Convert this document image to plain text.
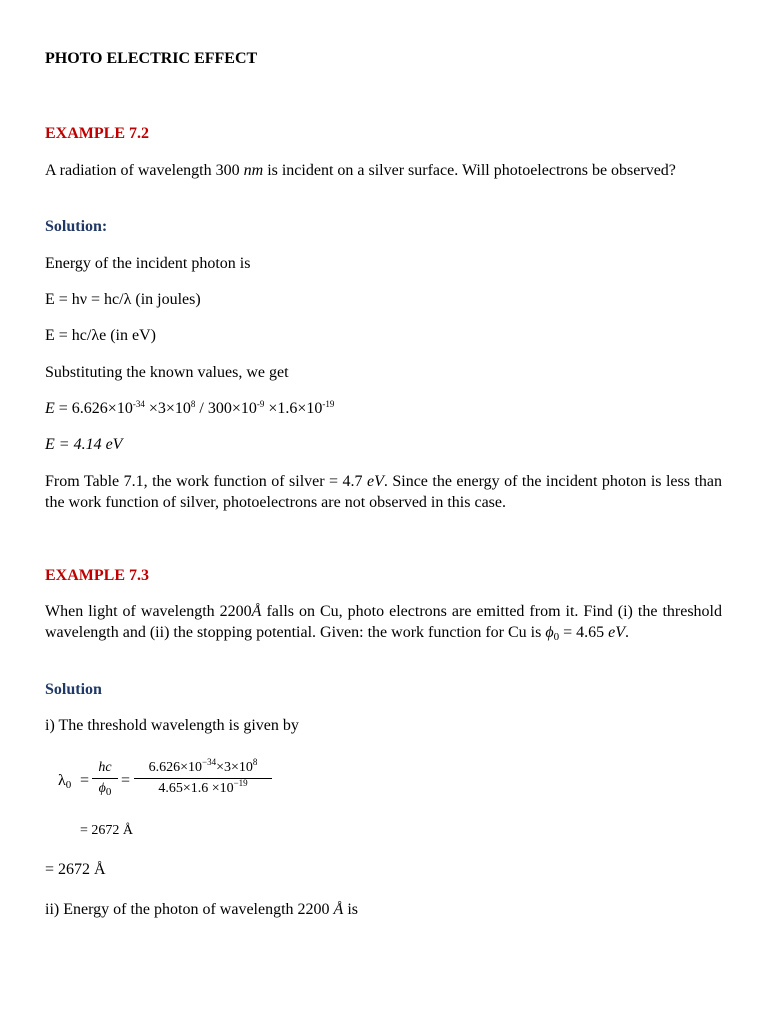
PHOTO ELECTRIC EFFECT

EXAMPLE 7.2

A radiation of wavelength 300 nm is incident on a silver surface. Will photoelectrons be observed?

Solution:

Energy of the incident photon is

E = hν = hc/λ (in joules)

E = hc/λe (in eV)

Substituting the known values, we get

$E = 6.626\times 10^{-34} \times 3\times 10^8 / 300\times 10^{-9} \times 1.6\times 10^{-19}$

E = 4.14 eV

From Table 7.1, the work function of silver = 4.7 eV. Since the energy of the incident photon is less than the work function of silver, photoelectrons are not observed in this case.

EXAMPLE 7.3

When light of wavelength 2200Å falls on Cu, photo electrons are emitted from it. Find (i) the threshold wavelength and (ii) the stopping potential. Given: the work function for Cu is $\phi_0 = 4.65$ eV.

Solution

i) The threshold wavelength is given by

$\lambda_0$ =
hc
$\phi_0$
=
$6.626\times 10^{-34}\times 3\times 10^8$
$4.65\times 1.6 \times 10^{-19}$

= 2672 Å

= 2672 Å

ii) Energy of the photon of wavelength 2200 Å is
